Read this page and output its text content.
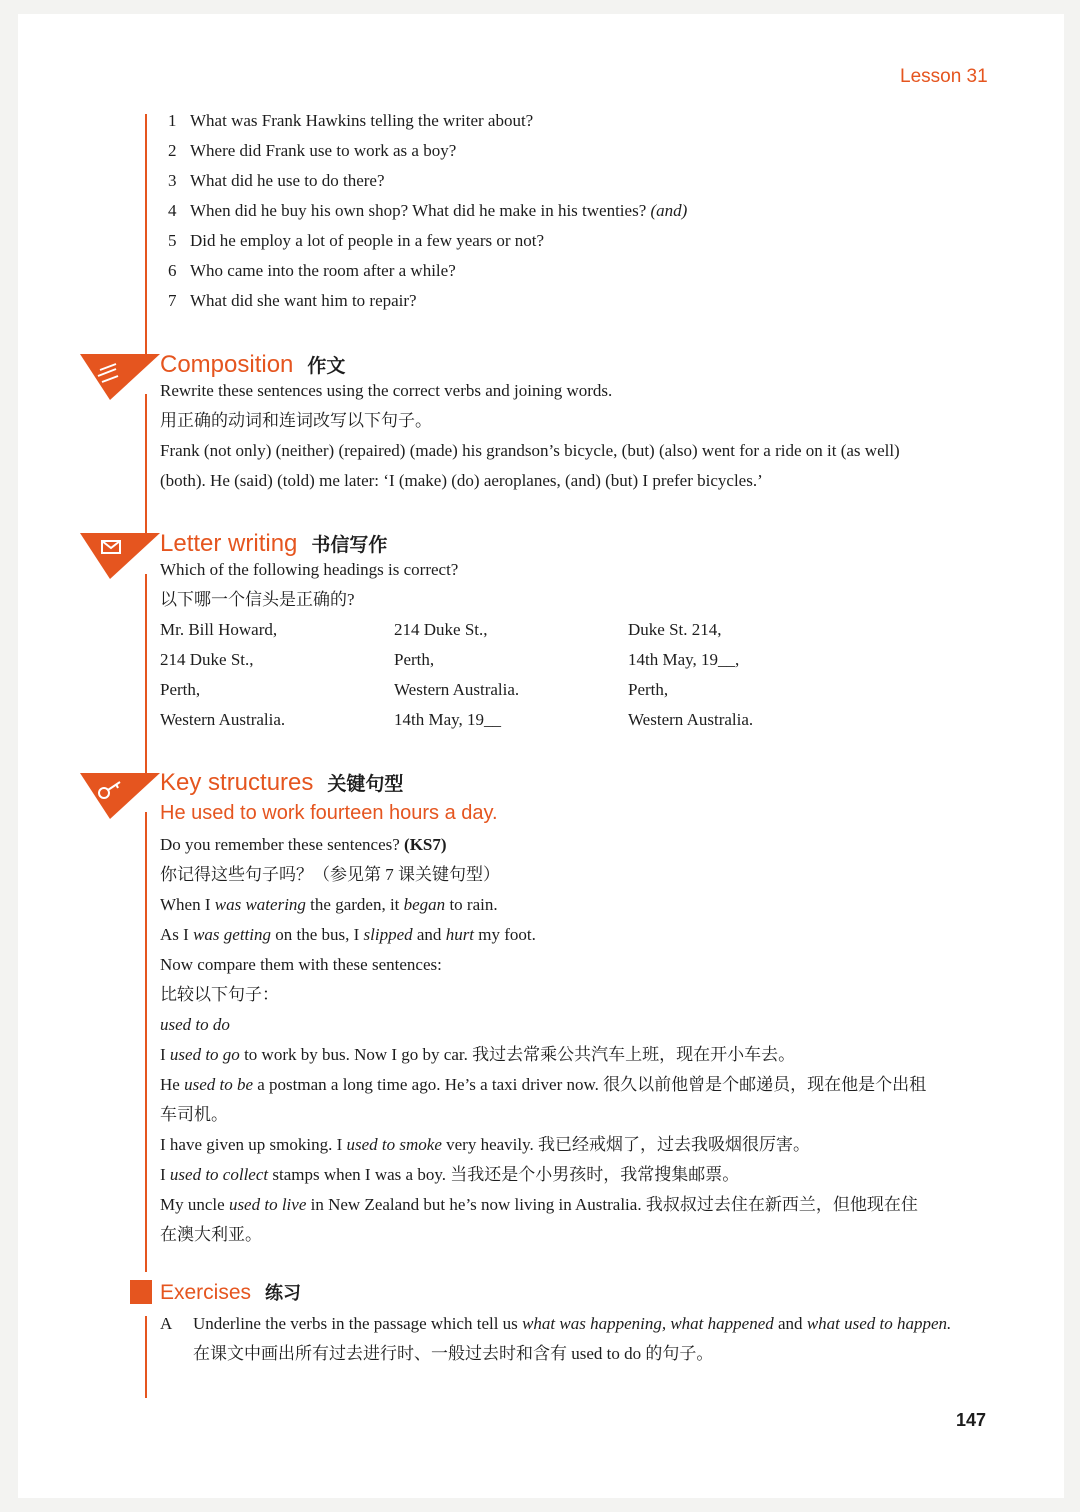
Lesson 31
1 What was Frank Hawkins telling the writer about?
2 Where did Frank use to work as a boy?
3 What did he use to do there?
4 When did he buy his own shop? What did he make in his twenties? (and)
5 Did he employ a lot of people in a few years or not?
6 Who came into the room after a while?
7 What did she want him to repair?
Composition 作文
Rewrite these sentences using the correct verbs and joining words.
用正确的动词和连词改写以下句子。
Frank (not only) (neither) (repaired) (made) his grandson’s bicycle, (but) (also) went for a ride on it (as well)
(both). He (said) (told) me later: ‘I (make) (do) aeroplanes, (and) (but) I prefer bicycles.’
Letter writing 书信写作
Which of the following headings is correct?
以下哪一个信头是正确的?
Mr. Bill Howard,
214 Duke St.,
Perth,
Western Australia.
214 Duke St.,
Perth,
Western Australia.
14th May, 19__
Duke St. 214,
14th May, 19__,
Perth,
Western Australia.
Key structures 关键句型
He used to work fourteen hours a day.
Do you remember these sentences? (KS7)
你记得这些句子吗？（参见第 7 课关键句型）
When I was watering the garden, it began to rain.
As I was getting on the bus, I slipped and hurt my foot.
Now compare them with these sentences:
比较以下句子：
used to do
I used to go to work by bus. Now I go by car. 我过去常乘公共汽车上班，现在开小车去。
He used to be a postman a long time ago. He’s a taxi driver now. 很久以前他曾是个邮递员，现在他是个出租
车司机。
I have given up smoking. I used to smoke very heavily. 我已经戒烟了，过去我吸烟很厉害。
I used to collect stamps when I was a boy. 当我还是个小男孩时，我常搜集邮票。
My uncle used to live in New Zealand but he’s now living in Australia. 我叔叔过去住在新西兰，但他现在住
在澳大利亚。
Exercises 练习
A Underline the verbs in the passage which tell us what was happening, what happened and what used to happen.
在课文中画出所有过去进行时、一般过去时和含有 used to do 的句子。
147
